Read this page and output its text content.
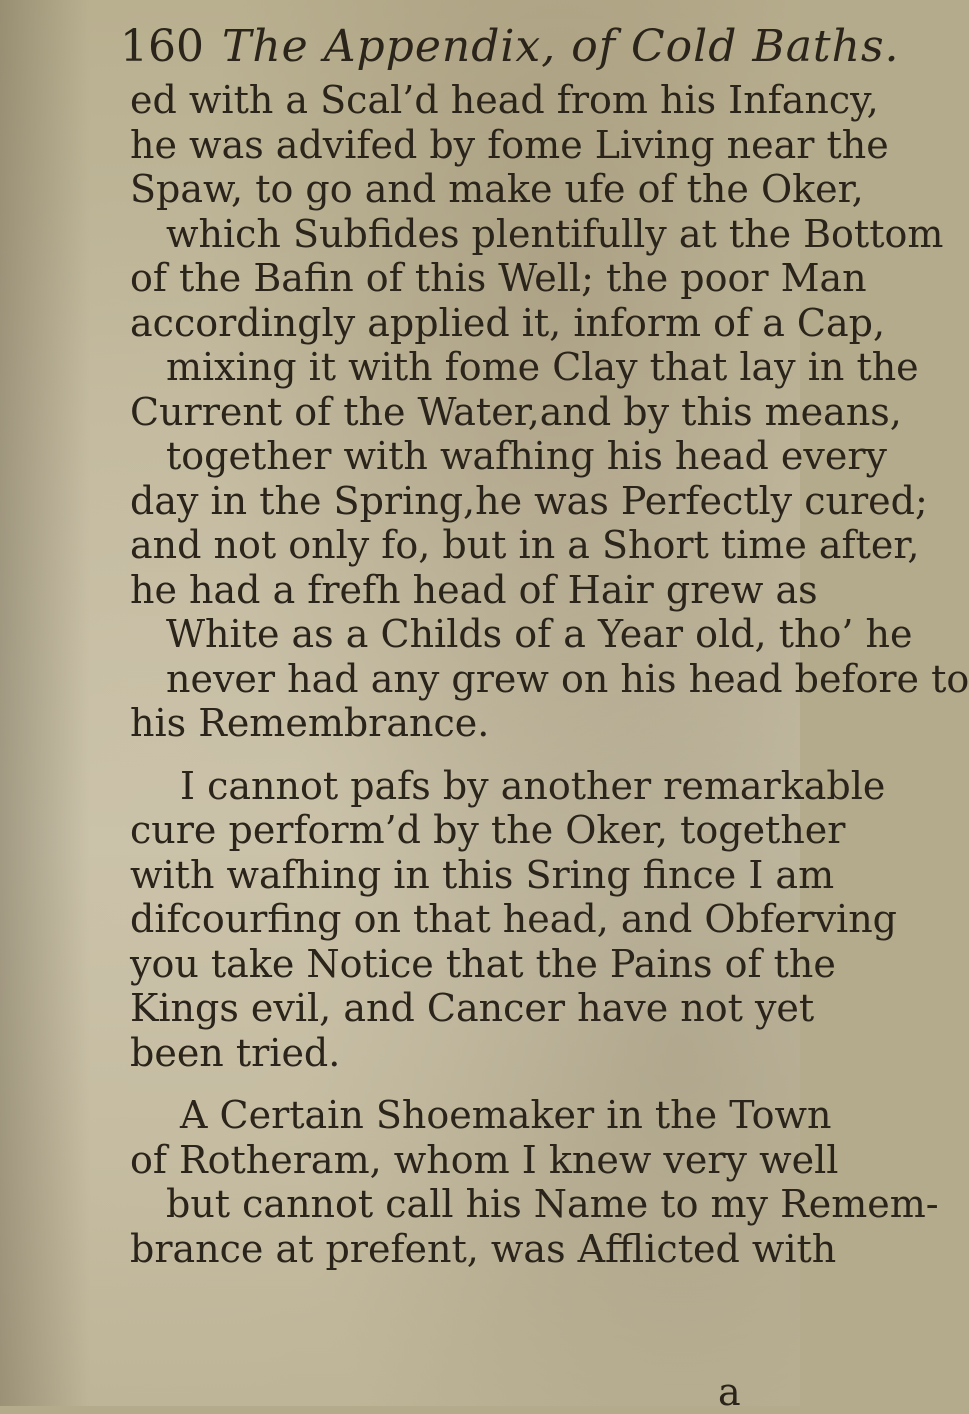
160 The Appendix, of Cold Baths.
ed with a Scal’d head from his Infancy,
he was advifed by fome Living near the
Spaw, to go and make ufe of the Oker,
which Subfides plentifully at the Bottom
of the Bafin of this Well; the poor Man
accordingly applied it, inform of a Cap,
mixing it with fome Clay that lay in the
Current of the Water,and by this means,
together with wafhing his head every
day in the Spring,he was Perfectly cured;
and not only fo, but in a Short time after,
he had a frefh head of Hair grew as
White as a Childs of a Year old, tho’ he
never had any grew on his head before to
his Remembrance.
I cannot pafs by another remarkable
cure perform’d by the Oker, together
with wafhing in this Sring fince I am
difcourfing on that head, and Obferving
you take Notice that the Pains of the
Kings evil, and Cancer have not yet
been tried.
A Certain Shoemaker in the Town
of Rotheram, whom I knew very well
but cannot call his Name to my Remem-
brance at prefent, was Afflicted with
a
